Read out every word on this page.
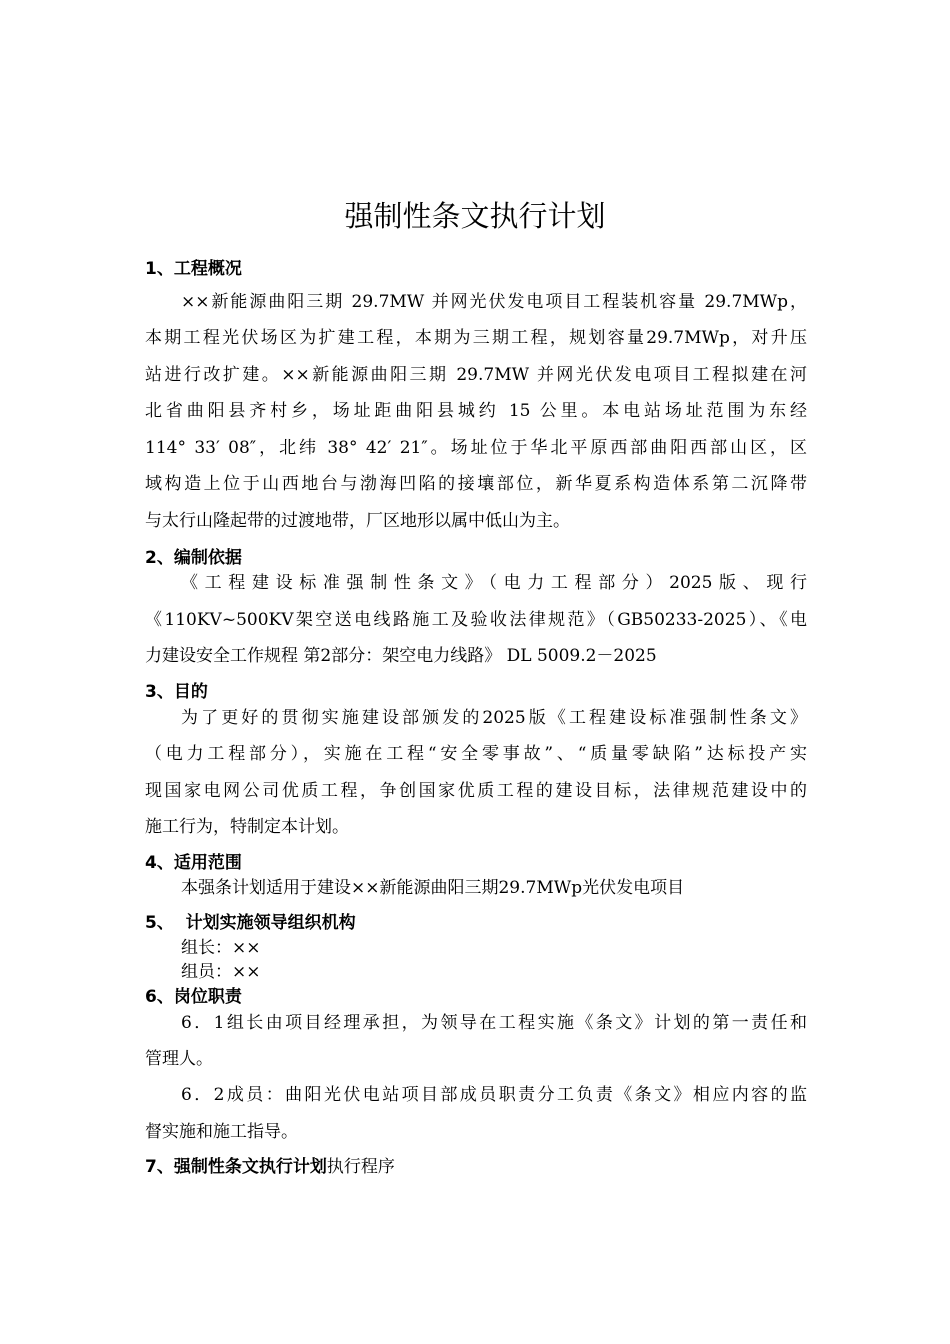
强制性条文执行计划
1、工程概况
××新能源曲阳三期 29.7MW 并网光伏发电项目工程装机容量 29.7MWp，
本期工程光伏场区为扩建工程，本期为三期工程，规划容量29.7MWp，对升压
站进行改扩建。××新能源曲阳三期 29.7MW 并网光伏发电项目工程拟建在河
北省曲阳县齐村乡，场址距曲阳县城约 15 公里。本电站场址范围为东经
114° 33′ 08″，北纬 38° 42′ 21″。场址位于华北平原西部曲阳西部山区，区
域构造上位于山西地台与渤海凹陷的接壤部位，新华夏系构造体系第二沉降带
与太行山隆起带的过渡地带，厂区地形以属中低山为主。
2、编制依据
《工程建设标准强制性条文》（电力工程部分）2025版、现行
《110KV~500KV架空送电线路施工及验收法律规范》（GB50233-2025）、《电
力建设安全工作规程 第2部分：架空电力线路》 DL 5009.2－2025
3、目的
为了更好的贯彻实施建设部颁发的2025版《工程建设标准强制性条文》
（电力工程部分），实施在工程“安全零事故”、“质量零缺陷”达标投产实
现国家电网公司优质工程，争创国家优质工程的建设目标，法律规范建设中的
施工行为，特制定本计划。
4、适用范围
本强条计划适用于建设××新能源曲阳三期29.7MWp光伏发电项目
5、  计划实施领导组织机构
组长：××
组员：××
6、岗位职责
6．1组长由项目经理承担，为领导在工程实施《条文》计划的第一责任和
管理人。
6．2成员：曲阳光伏电站项目部成员职责分工负责《条文》相应内容的监
督实施和施工指导。
7、强制性条文执行计划执行程序
